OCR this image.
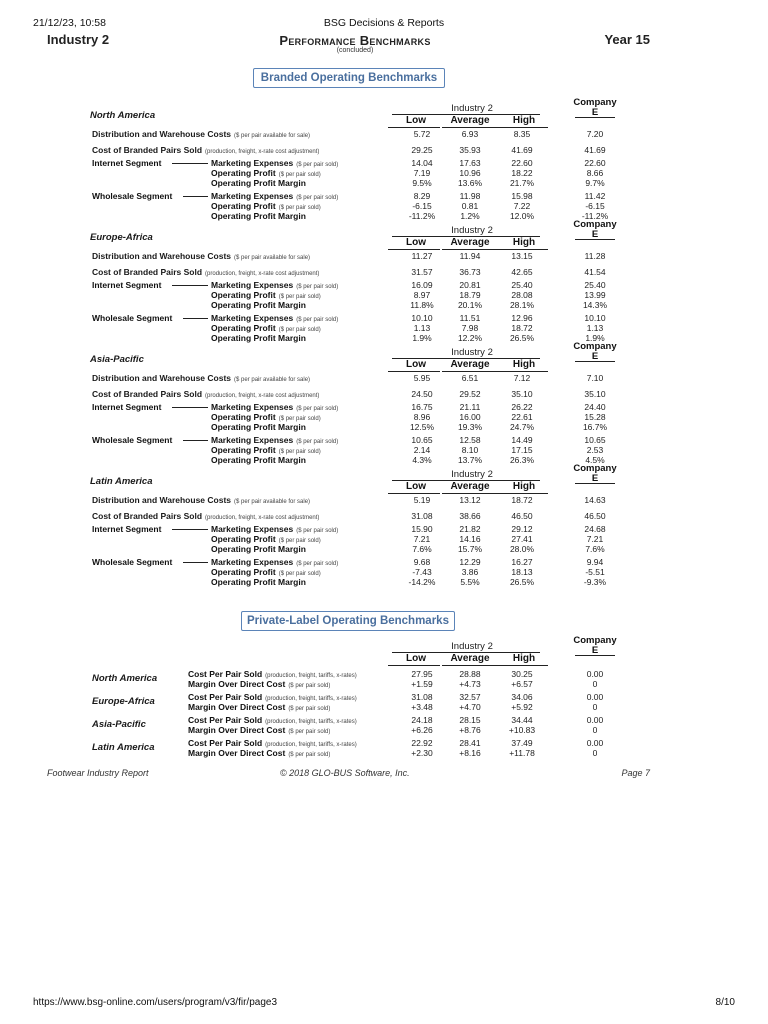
21/12/23, 10:58	BSG Decisions & Reports
Industry 2	Performance Benchmarks
(concluded)
Year 15
Branded Operating Benchmarks
North America
Industry 2
Low	Average	High
Company
E
Distribution and Warehouse Costs ($ per pair available for sale)	5.72	6.93	8.35	7.20
Cost of Branded Pairs Sold (production, freight, x-rate cost adjustment)	29.25	35.93	41.69	41.69
Internet Segment	Marketing Expenses ($ per pair sold)	14.04	17.63	22.60	22.60
Operating Profit ($ per pair sold)	7.19	10.96	18.22	8.66
Operating Profit Margin	9.5%	13.6%	21.7%	9.7%
Wholesale Segment	Marketing Expenses ($ per pair sold)	8.29	11.98	15.98	11.42
Operating Profit ($ per pair sold)	-6.15	0.81	7.22	-6.15
Operating Profit Margin	-11.2%	1.2%	12.0%	-11.2%
Europe-Africa
Industry 2
Low	Average	High
Company
E
Distribution and Warehouse Costs ($ per pair available for sale)	11.27	11.94	13.15	11.28
Cost of Branded Pairs Sold (production, freight, x-rate cost adjustment)	31.57	36.73	42.65	41.54
Internet Segment	Marketing Expenses ($ per pair sold)	16.09	20.81	25.40	25.40
Operating Profit ($ per pair sold)	8.97	18.79	28.08	13.99
Operating Profit Margin	11.8%	20.1%	28.1%	14.3%
Wholesale Segment	Marketing Expenses ($ per pair sold)	10.10	11.51	12.96	10.10
Operating Profit ($ per pair sold)	1.13	7.98	18.72	1.13
Operating Profit Margin	1.9%	12.2%	26.5%	1.9%
Asia-Pacific
Industry 2
Low	Average	High
Company
E
Distribution and Warehouse Costs ($ per pair available for sale)	5.95	6.51	7.12	7.10
Cost of Branded Pairs Sold (production, freight, x-rate cost adjustment)	24.50	29.52	35.10	35.10
Internet Segment	Marketing Expenses ($ per pair sold)	16.75	21.11	26.22	24.40
Operating Profit ($ per pair sold)	8.96	16.00	22.61	15.28
Operating Profit Margin	12.5%	19.3%	24.7%	16.7%
Wholesale Segment	Marketing Expenses ($ per pair sold)	10.65	12.58	14.49	10.65
Operating Profit ($ per pair sold)	2.14	8.10	17.15	2.53
Operating Profit Margin	4.3%	13.7%	26.3%	4.5%
Latin America
Industry 2
Low	Average	High
Company
E
Distribution and Warehouse Costs ($ per pair available for sale)	5.19	13.12	18.72	14.63
Cost of Branded Pairs Sold (production, freight, x-rate cost adjustment)	31.08	38.66	46.50	46.50
Internet Segment	Marketing Expenses ($ per pair sold)	15.90	21.82	29.12	24.68
Operating Profit ($ per pair sold)	7.21	14.16	27.41	7.21
Operating Profit Margin	7.6%	15.7%	28.0%	7.6%
Wholesale Segment	Marketing Expenses ($ per pair sold)	9.68	12.29	16.27	9.94
Operating Profit ($ per pair sold)	-7.43	3.86	18.13	-5.51
Operating Profit Margin	-14.2%	5.5%	26.5%	-9.3%
Private-Label Operating Benchmarks
Industry 2
Low	Average	High
Company
E
North America	Cost Per Pair Sold (production, freight, tariffs, x-rates)	27.95	28.88	30.25	0.00
Margin Over Direct Cost ($ per pair sold)	+1.59	+4.73	+6.57	0
Europe-Africa	Cost Per Pair Sold (production, freight, tariffs, x-rates)	31.08	32.57	34.06	0.00
Margin Over Direct Cost ($ per pair sold)	+3.48	+4.70	+5.92	0
Asia-Pacific	Cost Per Pair Sold (production, freight, tariffs, x-rates)	24.18	28.15	34.44	0.00
Margin Over Direct Cost ($ per pair sold)	+6.26	+8.76	+10.83	0
Latin America	Cost Per Pair Sold (production, freight, tariffs, x-rates)	22.92	28.41	37.49	0.00
Margin Over Direct Cost ($ per pair sold)	+2.30	+8.16	+11.78	0
Footwear Industry Report	© 2018 GLO-BUS Software, Inc.	Page 7
https://www.bsg-online.com/users/program/v3/fir/page3	8/10
